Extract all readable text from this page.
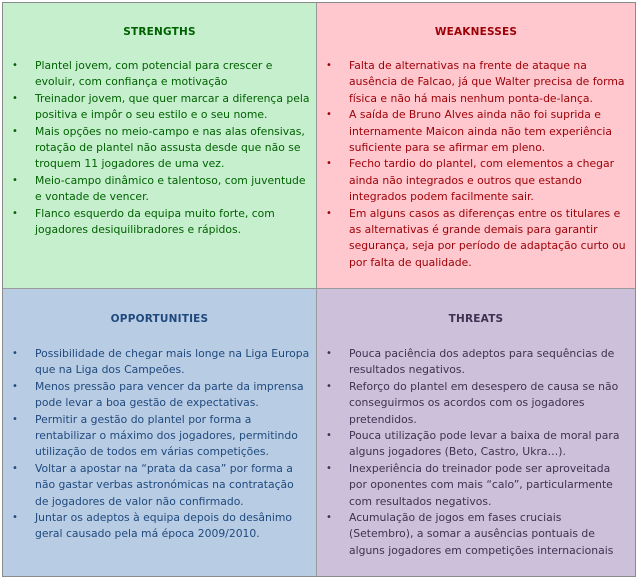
STRENGTHS
• Plantel jovem, com potencial para crescer e evoluir, com confiança e motivação
• Treinador jovem, que quer marcar a diferença pela positiva e impôr o seu estilo e o seu nome.
• Mais opções no meio-campo e nas alas ofensivas, rotação de plantel não assusta desde que não se troquem 11 jogadores de uma vez.
• Meio-campo dinâmico e talentoso, com juventude e vontade de vencer.
• Flanco esquerdo da equipa muito forte, com jogadores desiquilibradores e rápidos.
WEAKNESSES
• Falta de alternativas na frente de ataque na ausência de Falcao, já que Walter precisa de forma física e não há mais nenhum ponta-de-lança.
• A saída de Bruno Alves ainda não foi suprida e internamente Maicon ainda não tem experiência suficiente para se afirmar em pleno.
• Fecho tardio do plantel, com elementos a chegar ainda não integrados e outros que estando integrados podem facilmente sair.
• Em alguns casos as diferenças entre os titulares e as alternativas é grande demais para garantir segurança, seja por período de adaptação curto ou por falta de qualidade.
OPPORTUNITIES
• Possibilidade de chegar mais longe na Liga Europa que na Liga dos Campeões.
• Menos pressão para vencer da parte da imprensa pode levar a boa gestão de expectativas.
• Permitir a gestão do plantel por forma a rentabilizar o máximo dos jogadores, permitindo utilização de todos em várias competições.
• Voltar a apostar na “prata da casa” por forma a não gastar verbas astronómicas na contratação de jogadores de valor não confirmado.
• Juntar os adeptos à equipa depois do desânimo geral causado pela má época 2009/2010.
THREATS
• Pouca paciência dos adeptos para sequências de resultados negativos.
• Reforço do plantel em desespero de causa se não conseguirmos os acordos com os jogadores pretendidos.
• Pouca utilização pode levar a baixa de moral para alguns jogadores (Beto, Castro, Ukra…).
• Inexperiência do treinador pode ser aproveitada por oponentes com mais “calo”, particularmente com resultados negativos.
• Acumulação de jogos em fases cruciais (Setembro), a somar a ausências pontuais de alguns jogadores em competições internacionais
